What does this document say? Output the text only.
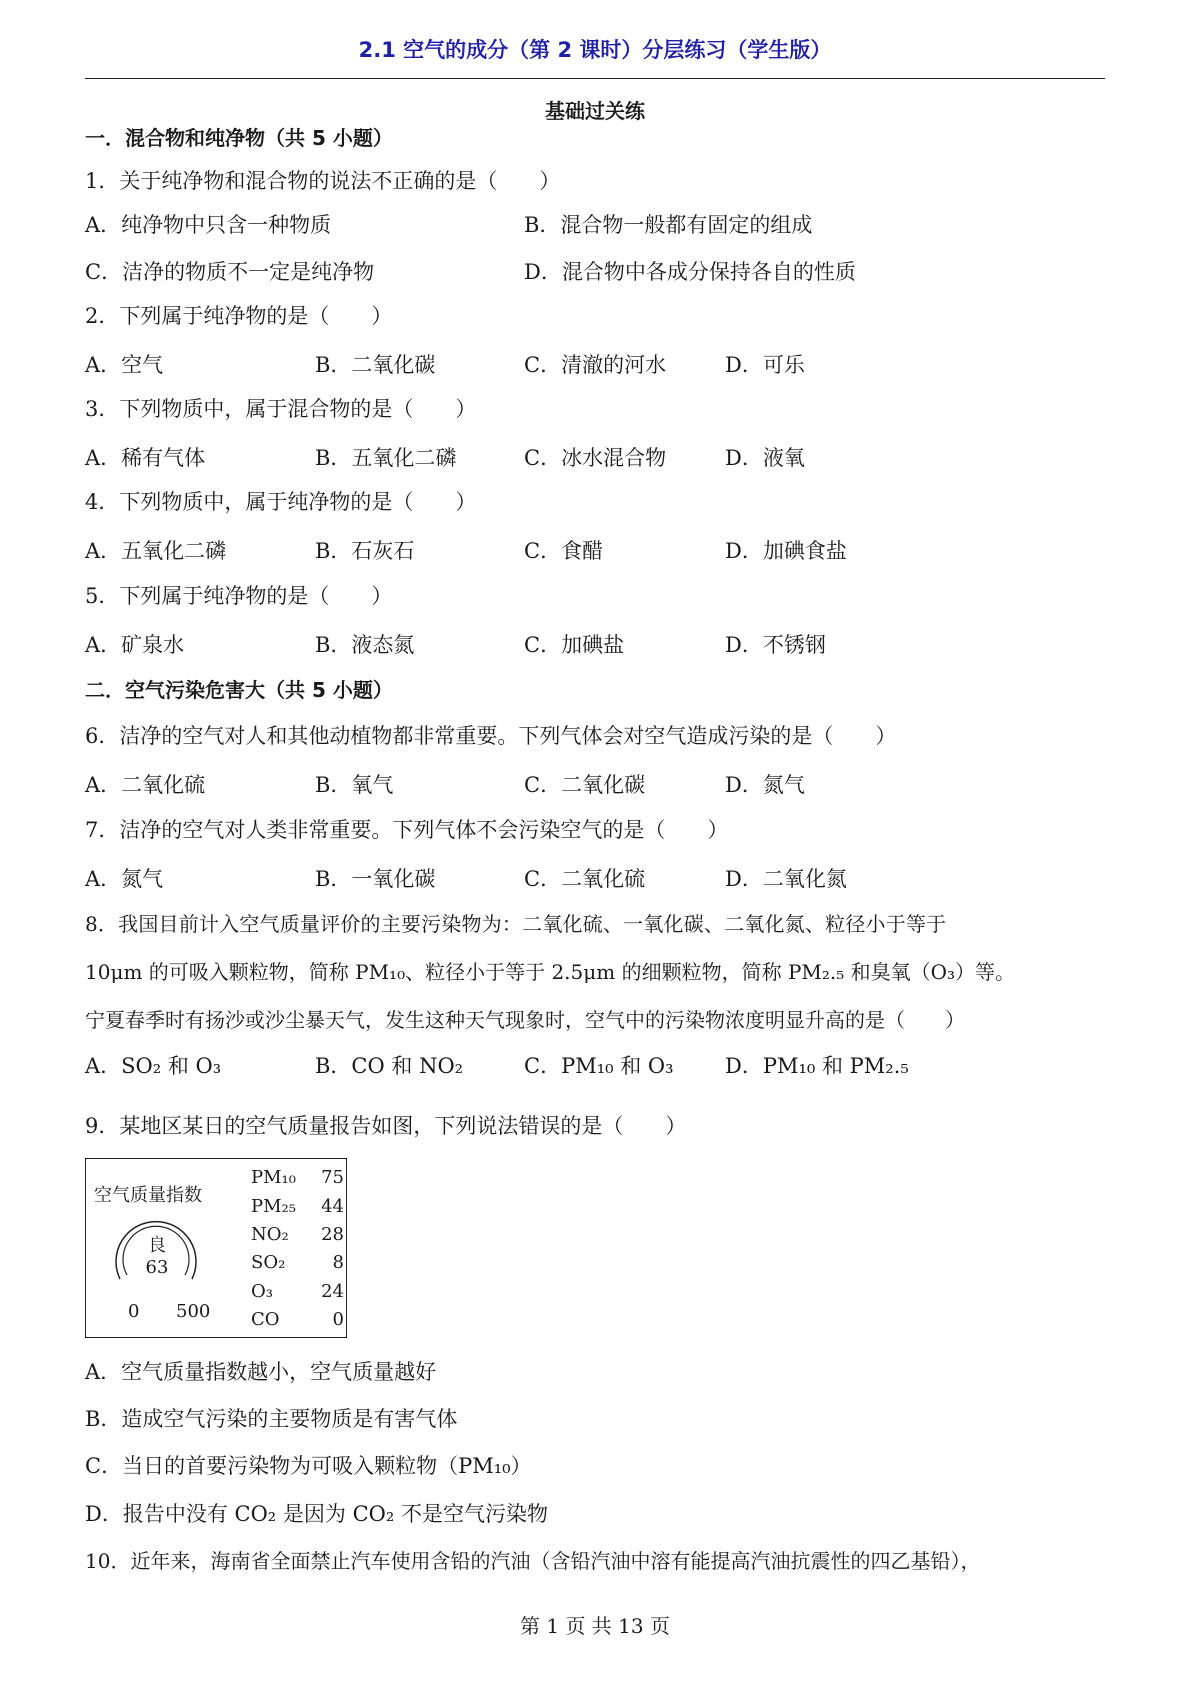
2.1 空气的成分（第 2 课时）分层练习（学生版）
基础过关练
一．混合物和纯净物（共 5 小题）
1．关于纯净物和混合物的说法不正确的是（　　）
A．纯净物中只含一种物质	B．混合物一般都有固定的组成
C．洁净的物质不一定是纯净物	D．混合物中各成分保持各自的性质
2．下列属于纯净物的是（　　）
A．空气	B．二氧化碳	C．清澈的河水	D．可乐
3．下列物质中，属于混合物的是（　　）
A．稀有气体	B．五氧化二磷	C．冰水混合物	D．液氧
4．下列物质中，属于纯净物的是（　　）
A．五氧化二磷	B．石灰石	C．食醋	D．加碘食盐
5．下列属于纯净物的是（　　）
A．矿泉水	B．液态氮	C．加碘盐	D．不锈钢
二．空气污染危害大（共 5 小题）
6．洁净的空气对人和其他动植物都非常重要。下列气体会对空气造成污染的是（　　）
A．二氧化硫	B．氧气	C．二氧化碳	D．氮气
7．洁净的空气对人类非常重要。下列气体不会污染空气的是（　　）
A．氮气	B．一氧化碳	C．二氧化硫	D．二氧化氮
8．我国目前计入空气质量评价的主要污染物为：二氧化硫、一氧化碳、二氧化氮、粒径小于等于
10μm 的可吸入颗粒物，简称 PM₁₀、粒径小于等于 2.5μm 的细颗粒物，简称 PM₂.₅ 和臭氧（O₃）等。
宁夏春季时有扬沙或沙尘暴天气，发生这种天气现象时，空气中的污染物浓度明显升高的是（　　）
A．SO₂ 和 O₃	B．CO 和 NO₂	C．PM₁₀ 和 O₃ D．PM₁₀ 和 PM₂.₅
9．某地区某日的空气质量报告如图，下列说法错误的是（　　）
空气质量指数
良
63
0 500
PM₁₀ 75
PM₂₅ 44
NO₂ 28
SO₂	8
O₃	24
CO	0
A．空气质量指数越小，空气质量越好
B．造成空气污染的主要物质是有害气体
C．当日的首要污染物为可吸入颗粒物（PM₁₀）
D．报告中没有 CO₂ 是因为 CO₂ 不是空气污染物
10．近年来，海南省全面禁止汽车使用含铅的汽油（含铅汽油中溶有能提高汽油抗震性的四乙基铅），
第 1 页 共 13 页
